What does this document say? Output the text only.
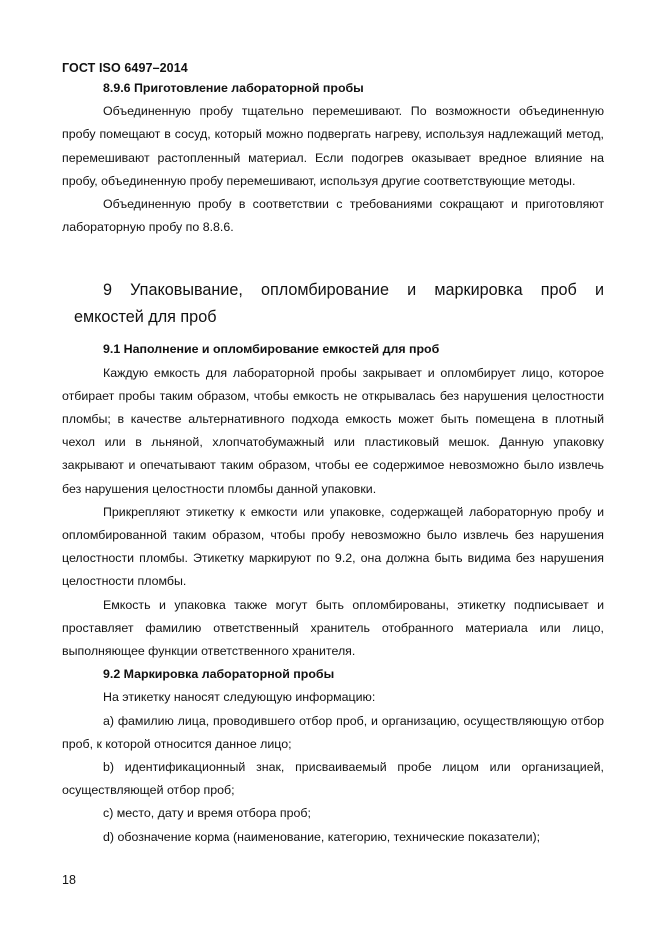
ГОСТ ISO 6497–2014

8.9.6 Приготовление лабораторной пробы

Объединенную пробу тщательно перемешивают. По возможности объединенную пробу помещают в сосуд, который можно подвергать нагреву, используя надлежащий метод, перемешивают растопленный материал. Если подогрев оказывает вредное влияние на пробу, объединенную пробу перемешивают, используя другие соответствующие методы.

Объединенную пробу в соответствии с требованиями сокращают и приготовляют лабораторную пробу по 8.8.6.

9 Упаковывание, опломбирование и маркировка проб и
емкостей для проб

9.1 Наполнение и опломбирование емкостей для проб

Каждую емкость для лабораторной пробы закрывает и опломбирует лицо, которое отбирает пробы таким образом, чтобы емкость не открывалась без нарушения целостности пломбы; в качестве альтернативного подхода емкость может быть помещена в плотный чехол или в льняной, хлопчатобумажный или пластиковый мешок. Данную упаковку закрывают и опечатывают таким образом, чтобы ее содержимое невозможно было извлечь без нарушения целостности пломбы данной упаковки.

Прикрепляют этикетку к емкости или упаковке, содержащей лабораторную пробу и опломбированной таким образом, чтобы пробу невозможно было извлечь без нарушения целостности пломбы. Этикетку маркируют по 9.2, она должна быть видима без нарушения целостности пломбы.

Емкость и упаковка также могут быть опломбированы, этикетку подписывает и проставляет фамилию ответственный хранитель отобранного материала или лицо, выполняющее функции ответственного хранителя.

9.2 Маркировка лабораторной пробы

На этикетку наносят следующую информацию:

a) фамилию лица, проводившего отбор проб, и организацию, осуществляющую отбор проб, к которой относится данное лицо;

b) идентификационный знак, присваиваемый пробе лицом или организацией, осуществляющей отбор проб;

c) место, дату и время отбора проб;

d) обозначение корма (наименование, категорию, технические показатели);

18
